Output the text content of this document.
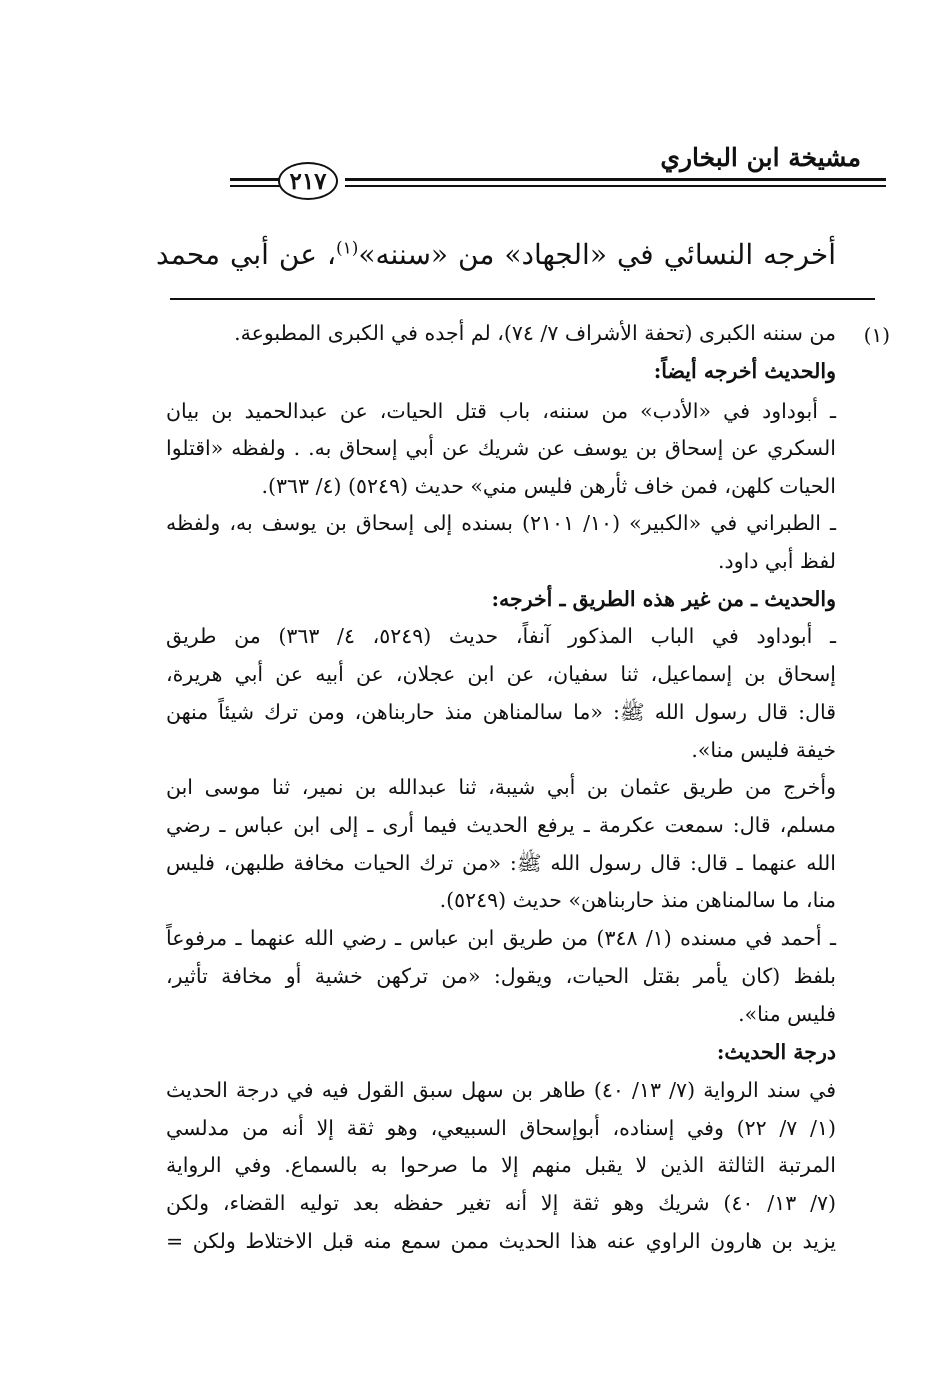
مشيخة ابن البخاري
٢١٧
أخرجه النسائي في «الجهاد» من «سننه»$^{(١)}$، عن أبي محمد
(١)
من سننه الكبرى (تحفة الأشراف ٧/ ٧٤)، لم أجده في الكبرى المطبوعة.
والحديث أخرجه أيضاً:
ـ أبوداود في «الأدب» من سننه، باب قتل الحيات، عن عبدالحميد بن بيان
السكري عن إسحاق بن يوسف عن شريك عن أبي إسحاق به. . ولفظه «اقتلوا
الحيات كلهن، فمن خاف ثأرهن فليس مني» حديث (٥٢٤٩) (٤/ ٣٦٣).
ـ الطبراني في «الكبير» (١٠/ ٢١٠١) بسنده إلى إسحاق بن يوسف به، ولفظه
لفظ أبي داود.
والحديث ـ من غير هذه الطريق ـ أخرجه:
ـ أبوداود في الباب المذكور آنفاً، حديث (٥٢٤٩، ٤/ ٣٦٣) من طريق
إسحاق بن إسماعيل، ثنا سفيان، عن ابن عجلان، عن أبيه عن أبي هريرة،
قال: قال رسول الله ﷺ: «ما سالمناهن منذ حاربناهن، ومن ترك شيئاً منهن
خيفة فليس منا».
وأخرج من طريق عثمان بن أبي شيبة، ثنا عبدالله بن نمير، ثنا موسى ابن
مسلم، قال: سمعت عكرمة ـ يرفع الحديث فيما أرى ـ إلى ابن عباس ـ رضي
الله عنهما ـ قال: قال رسول الله ﷺ: «من ترك الحيات مخافة طلبهن، فليس
منا، ما سالمناهن منذ حاربناهن» حديث (٥٢٤٩).
ـ أحمد في مسنده (١/ ٣٤٨) من طريق ابن عباس ـ رضي الله عنهما ـ مرفوعاً
بلفظ (كان يأمر بقتل الحيات، ويقول: «من تركهن خشية أو مخافة تأثير،
فليس منا».
درجة الحديث:
في سند الرواية (٧/ ١٣/ ٤٠) طاهر بن سهل سبق القول فيه في درجة الحديث
(١/ ٧/ ٢٢) وفي إسناده، أبوإسحاق السبيعي، وهو ثقة إلا أنه من مدلسي
المرتبة الثالثة الذين لا يقبل منهم إلا ما صرحوا به بالسماع. وفي الرواية
(٧/ ١٣/ ٤٠) شريك وهو ثقة إلا أنه تغير حفظه بعد توليه القضاء، ولكن
يزيد بن هارون الراوي عنه هذا الحديث ممن سمع منه قبل الاختلاط ولكن =
